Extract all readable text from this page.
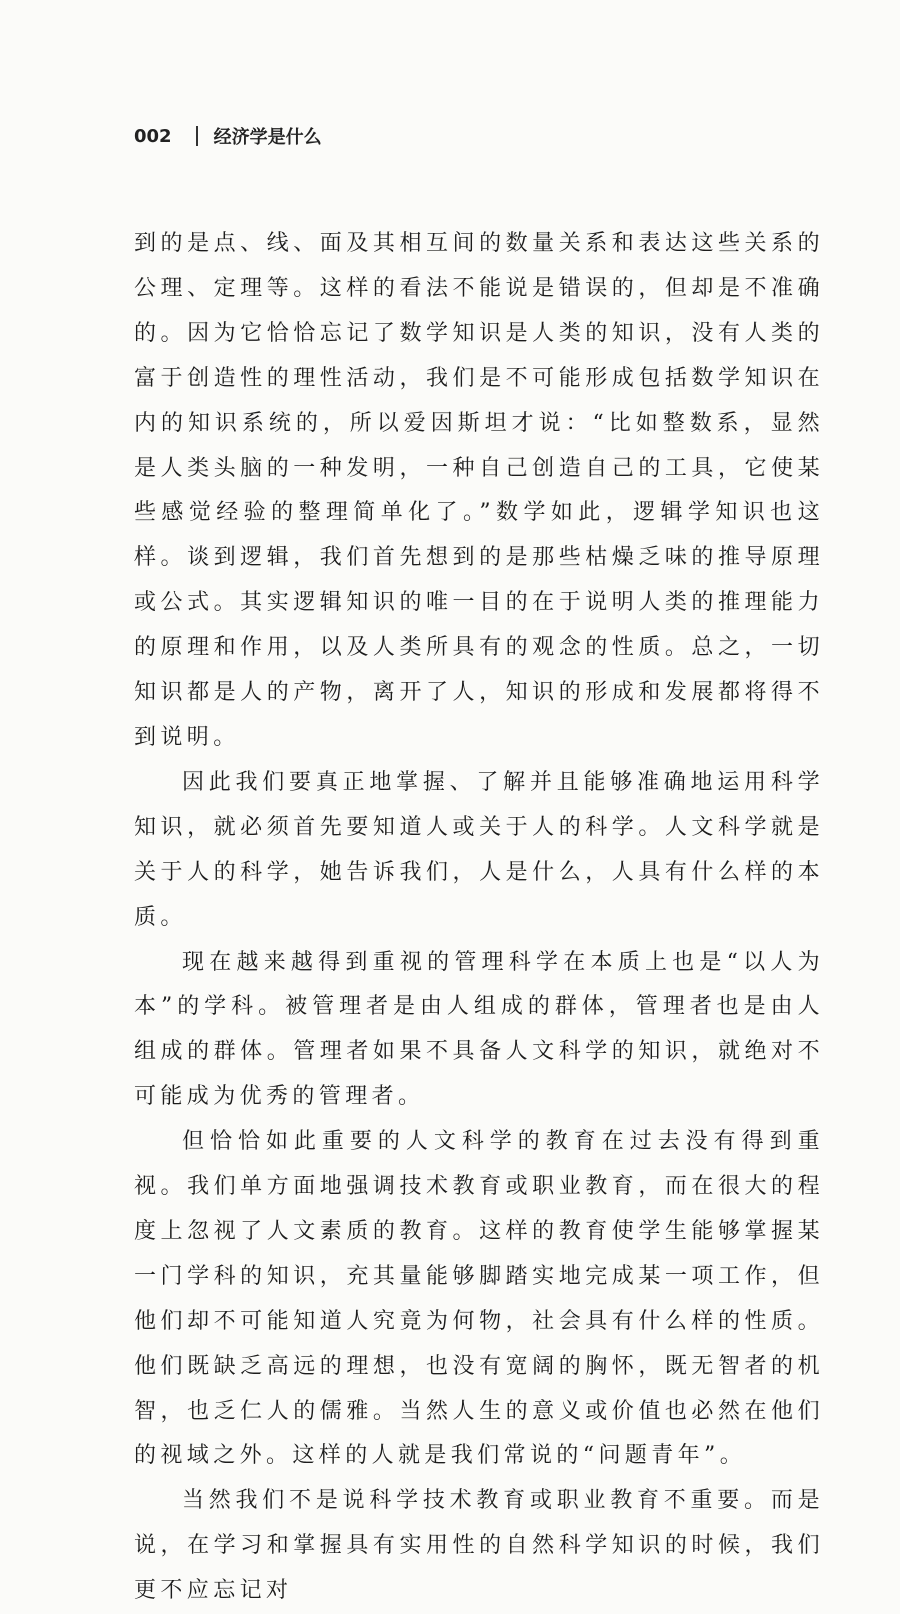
002 经济学是什么

到的是点、线、面及其相互间的数量关系和表达这些关系的公理、定理等。这样的看法不能说是错误的，但却是不准确的。因为它恰恰忘记了数学知识是人类的知识，没有人类的富于创造性的理性活动，我们是不可能形成包括数学知识在内的知识系统的，所以爱因斯坦才说：“比如整数系，显然是人类头脑的一种发明，一种自己创造自己的工具，它使某些感觉经验的整理简单化了。”数学如此，逻辑学知识也这样。谈到逻辑，我们首先想到的是那些枯燥乏味的推导原理或公式。其实逻辑知识的唯一目的在于说明人类的推理能力的原理和作用，以及人类所具有的观念的性质。总之，一切知识都是人的产物，离开了人，知识的形成和发展都将得不到说明。

因此我们要真正地掌握、了解并且能够准确地运用科学知识，就必须首先要知道人或关于人的科学。人文科学就是关于人的科学，她告诉我们，人是什么，人具有什么样的本质。

现在越来越得到重视的管理科学在本质上也是“以人为本”的学科。被管理者是由人组成的群体，管理者也是由人组成的群体。管理者如果不具备人文科学的知识，就绝对不可能成为优秀的管理者。

但恰恰如此重要的人文科学的教育在过去没有得到重视。我们单方面地强调技术教育或职业教育，而在很大的程度上忽视了人文素质的教育。这样的教育使学生能够掌握某一门学科的知识，充其量能够脚踏实地完成某一项工作，但他们却不可能知道人究竟为何物，社会具有什么样的性质。他们既缺乏高远的理想，也没有宽阔的胸怀，既无智者的机智，也乏仁人的儒雅。当然人生的意义或价值也必然在他们的视域之外。这样的人就是我们常说的“问题青年”。

当然我们不是说科学技术教育或职业教育不重要。而是说，在学习和掌握具有实用性的自然科学知识的时候，我们更不应忘记对
